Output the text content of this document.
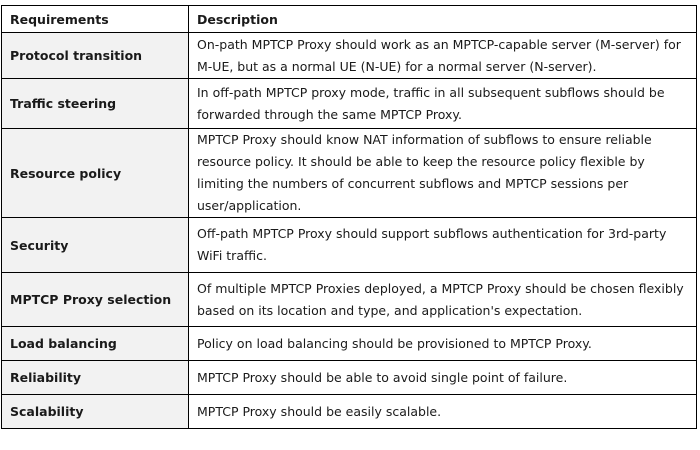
Requirements	Description
Protocol transition	On-path MPTCP Proxy should work as an MPTCP-capable server (M-server) for
M-UE, but as a normal UE (N-UE) for a normal server (N-server).

Traffic steering	In off-path MPTCP proxy mode, traffic in all subsequent subflows should be
forwarded through the same MPTCP Proxy.

Resource policy	MPTCP Proxy should know NAT information of subflows to ensure reliable
resource policy. It should be able to keep the resource policy flexible by
limiting the numbers of concurrent subflows and MPTCP sessions per
user/application.

Security	Off-path MPTCP Proxy should support subflows authentication for 3rd-party
WiFi traffic.

MPTCP Proxy selection	Of multiple MPTCP Proxies deployed, a MPTCP Proxy should be chosen flexibly
based on its location and type, and application's expectation.

Load balancing	Policy on load balancing should be provisioned to MPTCP Proxy.

Reliability	MPTCP Proxy should be able to avoid single point of failure.

Scalability	MPTCP Proxy should be easily scalable.
